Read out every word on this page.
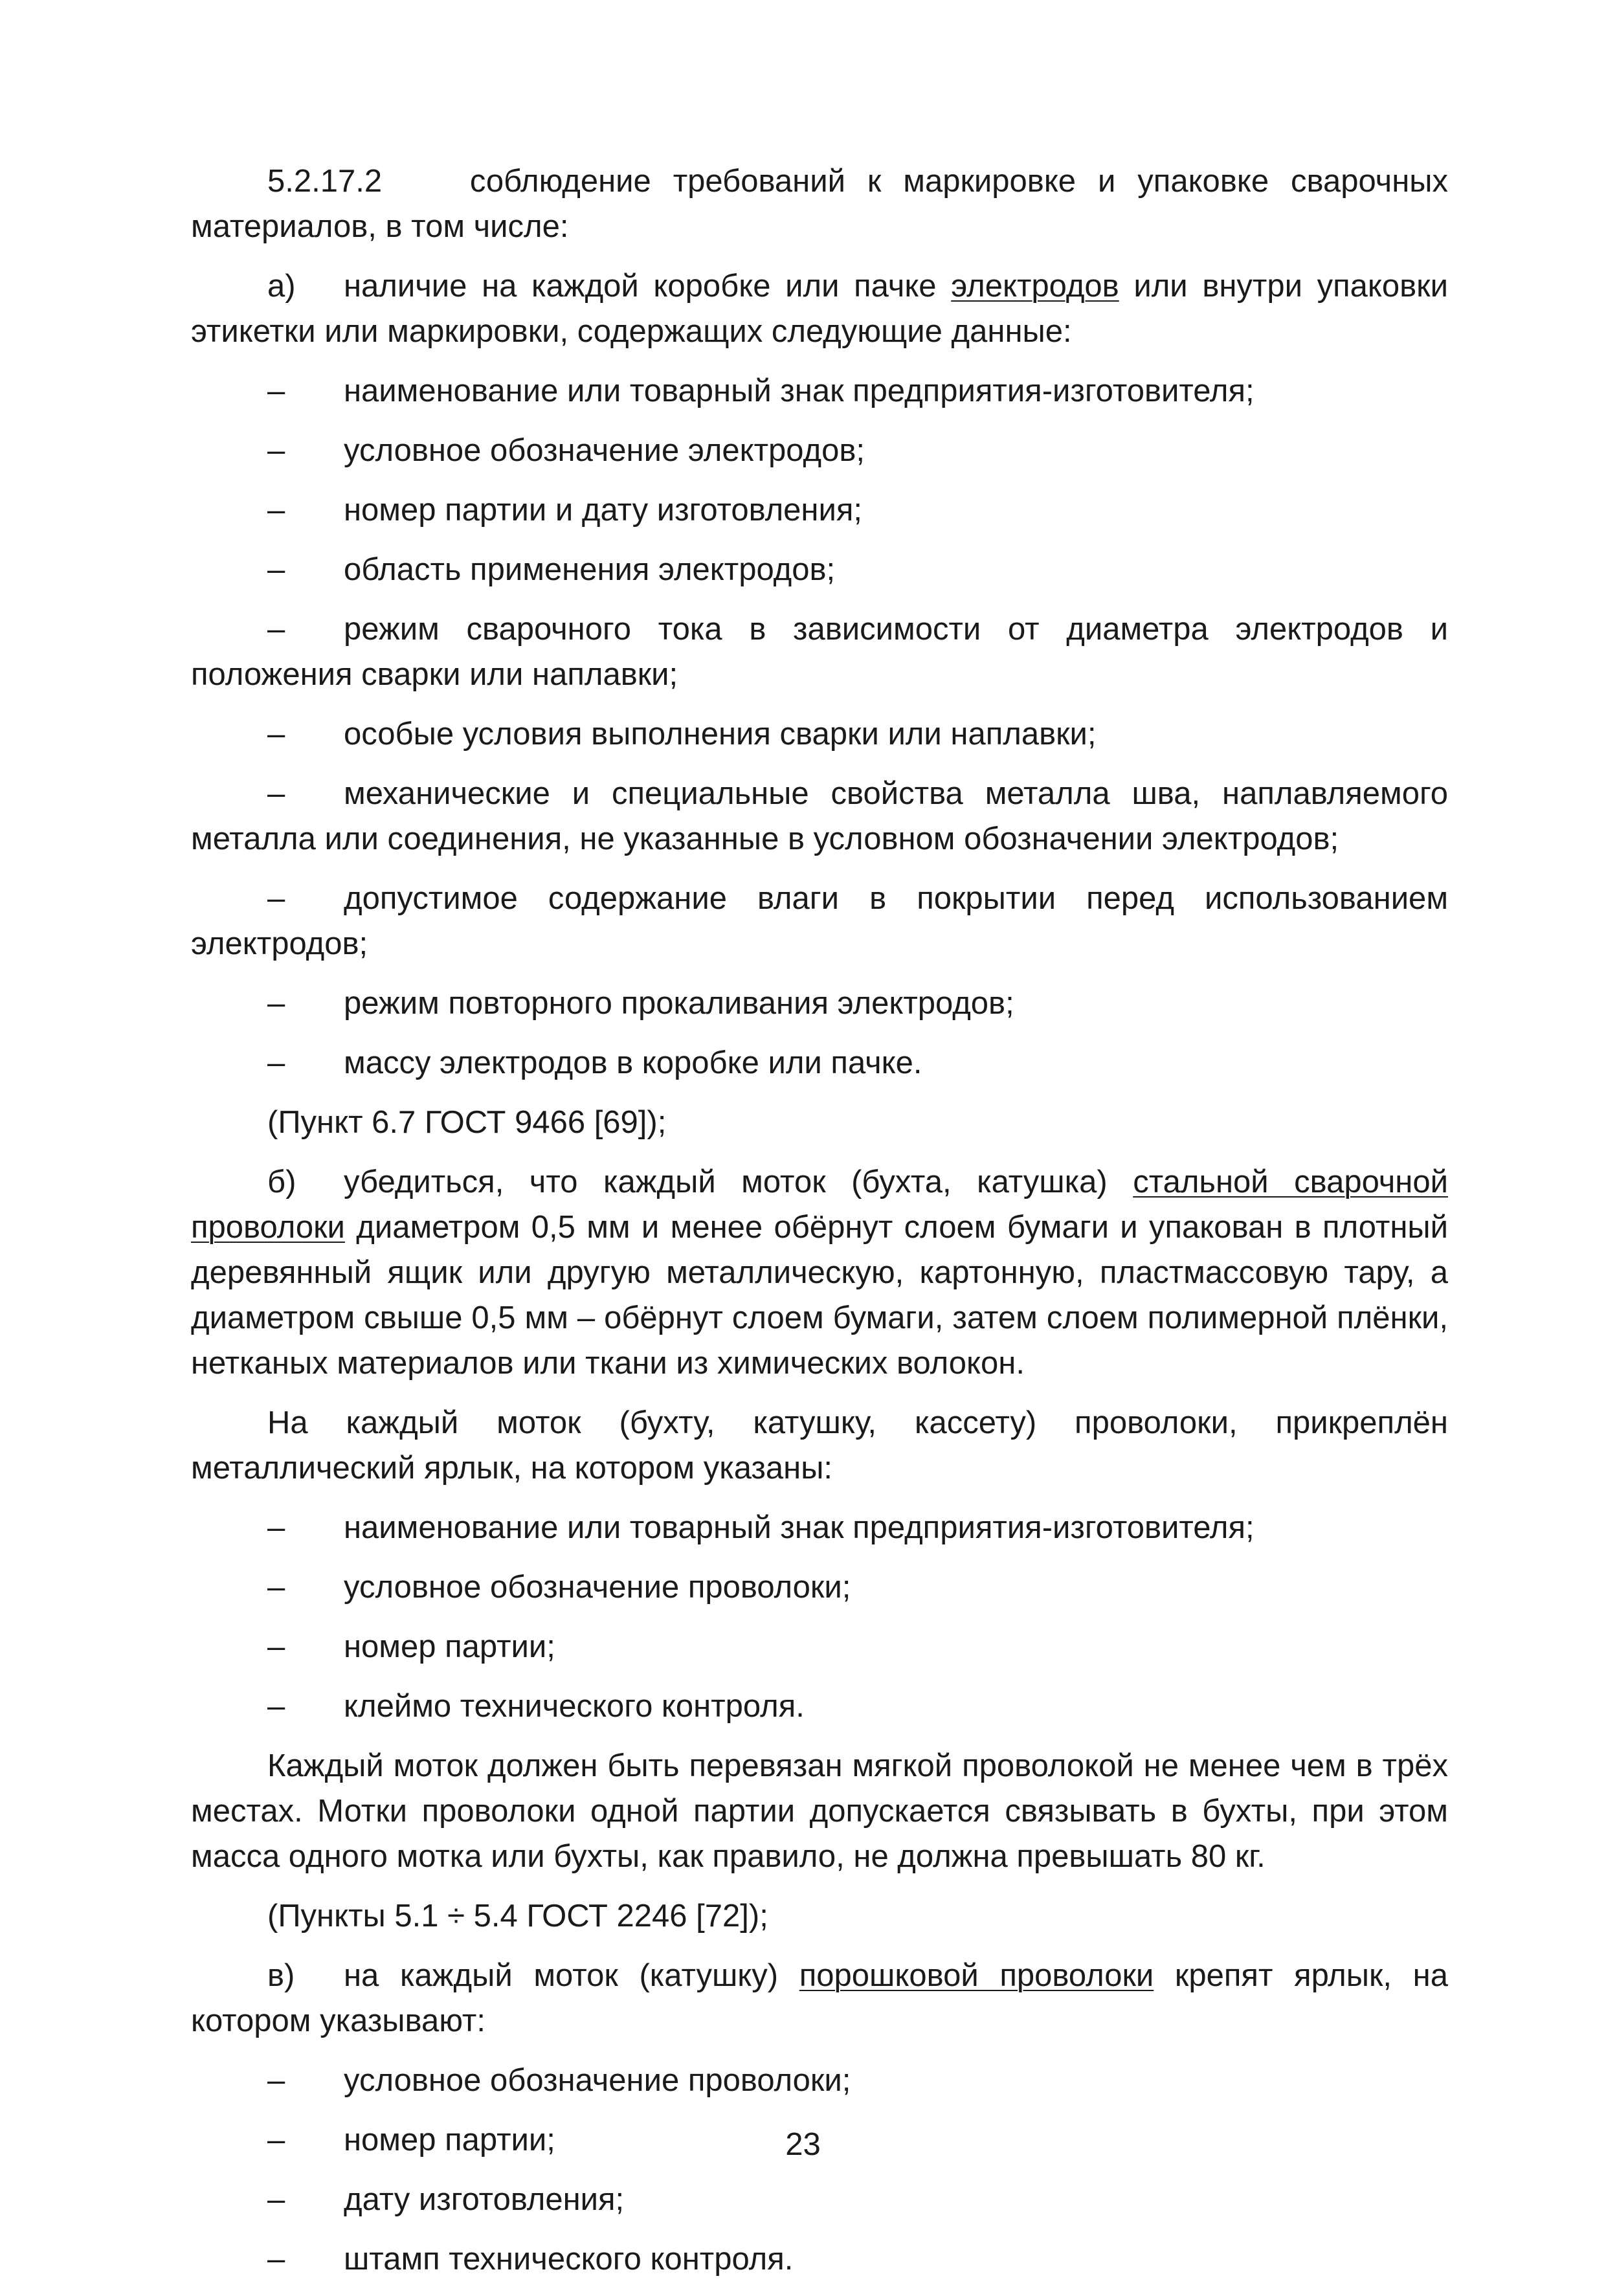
5.2.17.2	соблюдение требований к маркировке и упаковке сварочных материалов, в том числе:

а) наличие на каждой коробке или пачке электродов или внутри упаковки этикетки или маркировки, содержащих следующие данные:

– наименование или товарный знак предприятия-изготовителя;

– условное обозначение электродов;

– номер партии и дату изготовления;

– область применения электродов;

– режим сварочного тока в зависимости от диаметра электродов и положения сварки или наплавки;

– особые условия выполнения сварки или наплавки;

– механические и специальные свойства металла шва, наплавляемого металла или соединения, не указанные в условном обозначении электродов;

– допустимое содержание влаги в покрытии перед использованием электродов;

– режим повторного прокаливания электродов;

– массу электродов в коробке или пачке.

(Пункт 6.7 ГОСТ 9466 [69]);

б) убедиться, что каждый моток (бухта, катушка) стальной сварочной проволоки диаметром 0,5 мм и менее обёрнут слоем бумаги и упакован в плотный деревянный ящик или другую металлическую, картонную, пластмассовую тару, а диаметром свыше 0,5 мм – обёрнут слоем бумаги, затем слоем полимерной плёнки, нетканых материалов или ткани из химических волокон.

На каждый моток (бухту, катушку, кассету) проволоки, прикреплён металлический ярлык, на котором указаны:

– наименование или товарный знак предприятия-изготовителя;

– условное обозначение проволоки;

– номер партии;

– клеймо технического контроля.

Каждый моток должен быть перевязан мягкой проволокой не менее чем в трёх местах. Мотки проволоки одной партии допускается связывать в бухты, при этом масса одного мотка или бухты, как правило, не должна превышать 80 кг.

(Пункты 5.1 ÷ 5.4 ГОСТ 2246 [72]);

в) на каждый моток (катушку) порошковой проволоки крепят ярлык, на котором указывают:

– условное обозначение проволоки;

– номер партии;

– дату изготовления;

– штамп технического контроля.

23
